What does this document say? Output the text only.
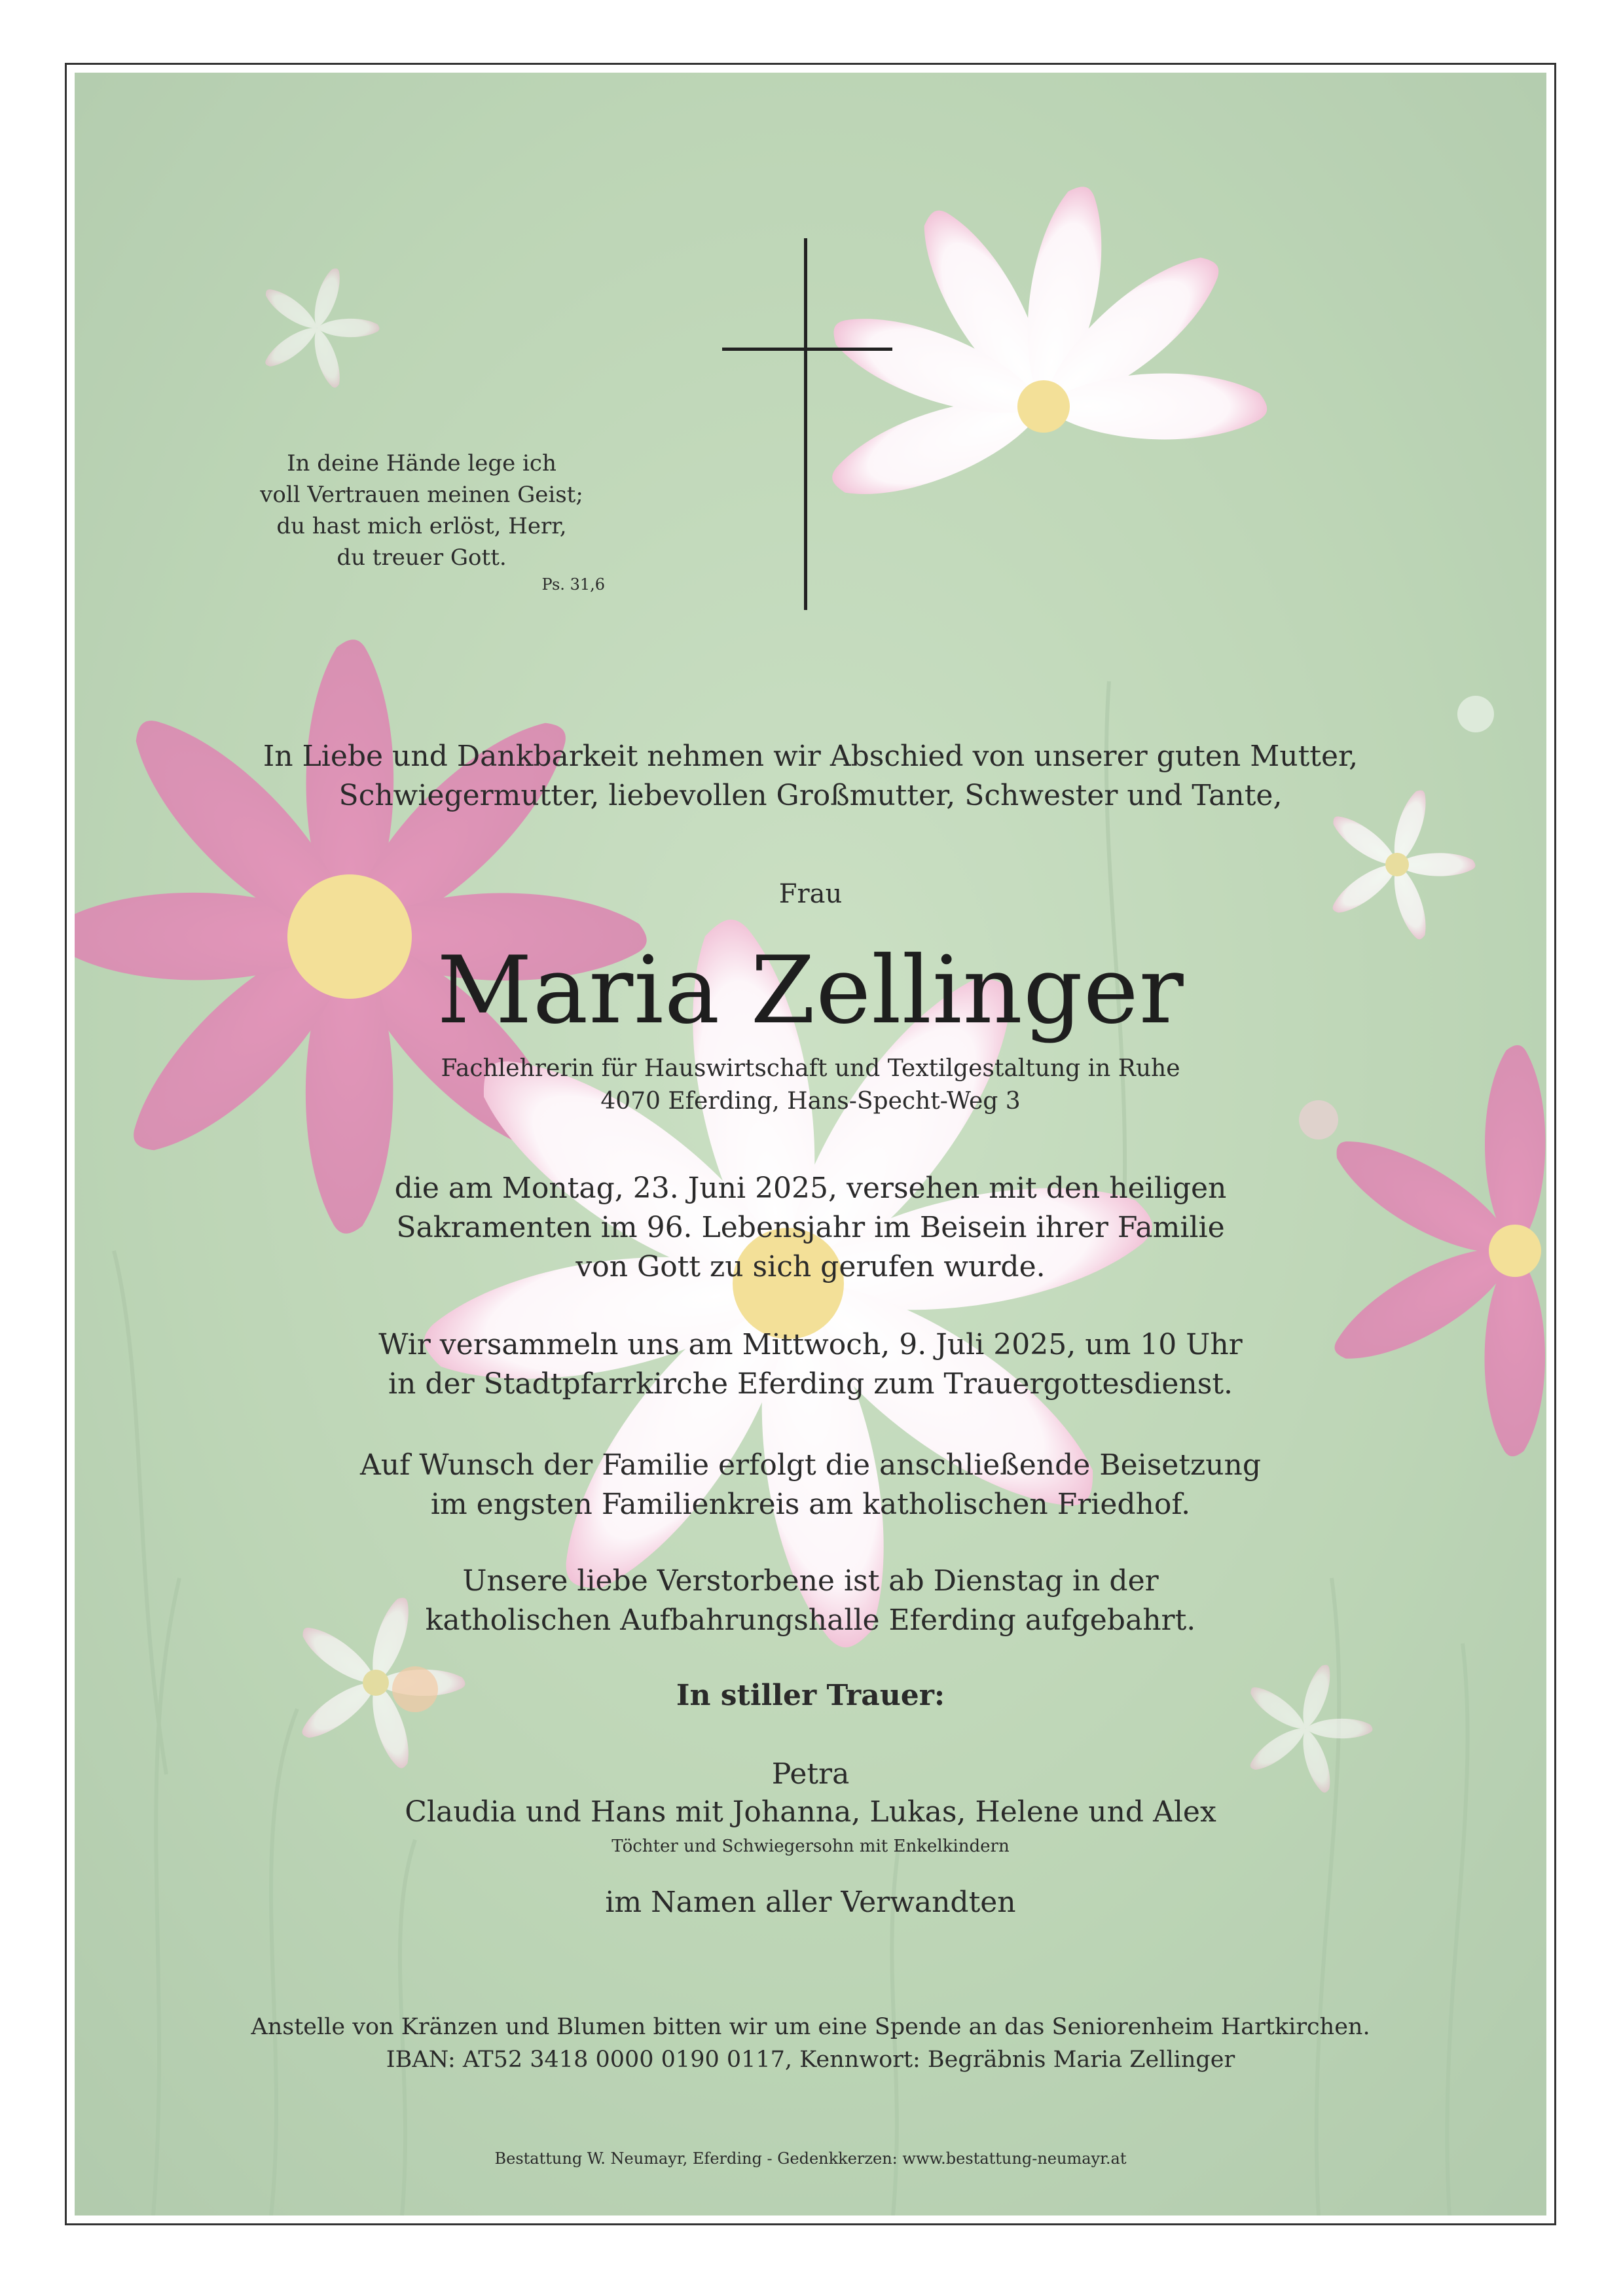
In deine Hände lege ich
voll Vertrauen meinen Geist;
du hast mich erlöst, Herr,
du treuer Gott.
Ps. 31,6
In Liebe und Dankbarkeit nehmen wir Abschied von unserer guten Mutter,
Schwiegermutter, liebevollen Großmutter, Schwester und Tante,
Frau
Maria Zellinger
Fachlehrerin für Hauswirtschaft und Textilgestaltung in Ruhe
4070 Eferding, Hans-Specht-Weg 3
die am Montag, 23. Juni 2025, versehen mit den heiligen
Sakramenten im 96. Lebensjahr im Beisein ihrer Familie
von Gott zu sich gerufen wurde.
Wir versammeln uns am Mittwoch, 9. Juli 2025, um 10 Uhr
in der Stadtpfarrkirche Eferding zum Trauergottesdienst.
Auf Wunsch der Familie erfolgt die anschließende Beisetzung
im engsten Familienkreis am katholischen Friedhof.
Unsere liebe Verstorbene ist ab Dienstag in der
katholischen Aufbahrungshalle Eferding aufgebahrt.
In stiller Trauer:
Petra
Claudia und Hans mit Johanna, Lukas, Helene und Alex
Töchter und Schwiegersohn mit Enkelkindern
im Namen aller Verwandten
Anstelle von Kränzen und Blumen bitten wir um eine Spende an das Seniorenheim Hartkirchen.
IBAN: AT52 3418 0000 0190 0117, Kennwort: Begräbnis Maria Zellinger
Bestattung W. Neumayr, Eferding - Gedenkkerzen: www.bestattung-neumayr.at
